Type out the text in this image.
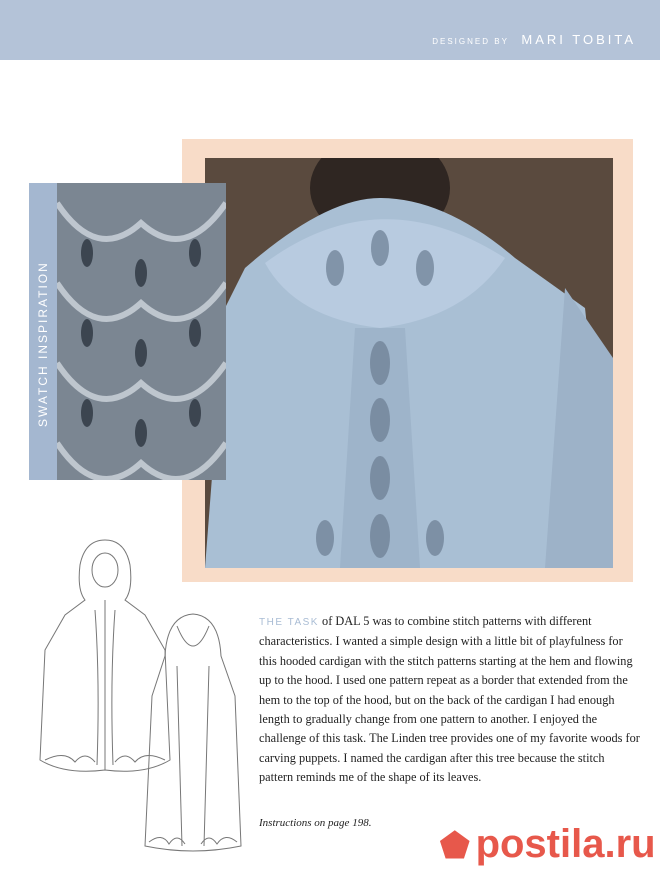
DESIGNED BY MARI TOBITA
SWATCH INSPIRATION
THE TASK of DAL 5 was to combine stitch patterns with different characteristics. I wanted a simple design with a little bit of playfulness for this hooded cardigan with the stitch patterns starting at the hem and flowing up to the hood. I used one pattern repeat as a border that extended from the hem to the top of the hood, but on the back of the cardigan I had enough length to gradually change from one pattern to another. I enjoyed the challenge of this task. The Linden tree provides one of my favorite woods for carving puppets. I named the cardigan after this tree because the stitch pattern reminds me of the shape of its leaves.
Instructions on page 198.
⬟ postila.ru
